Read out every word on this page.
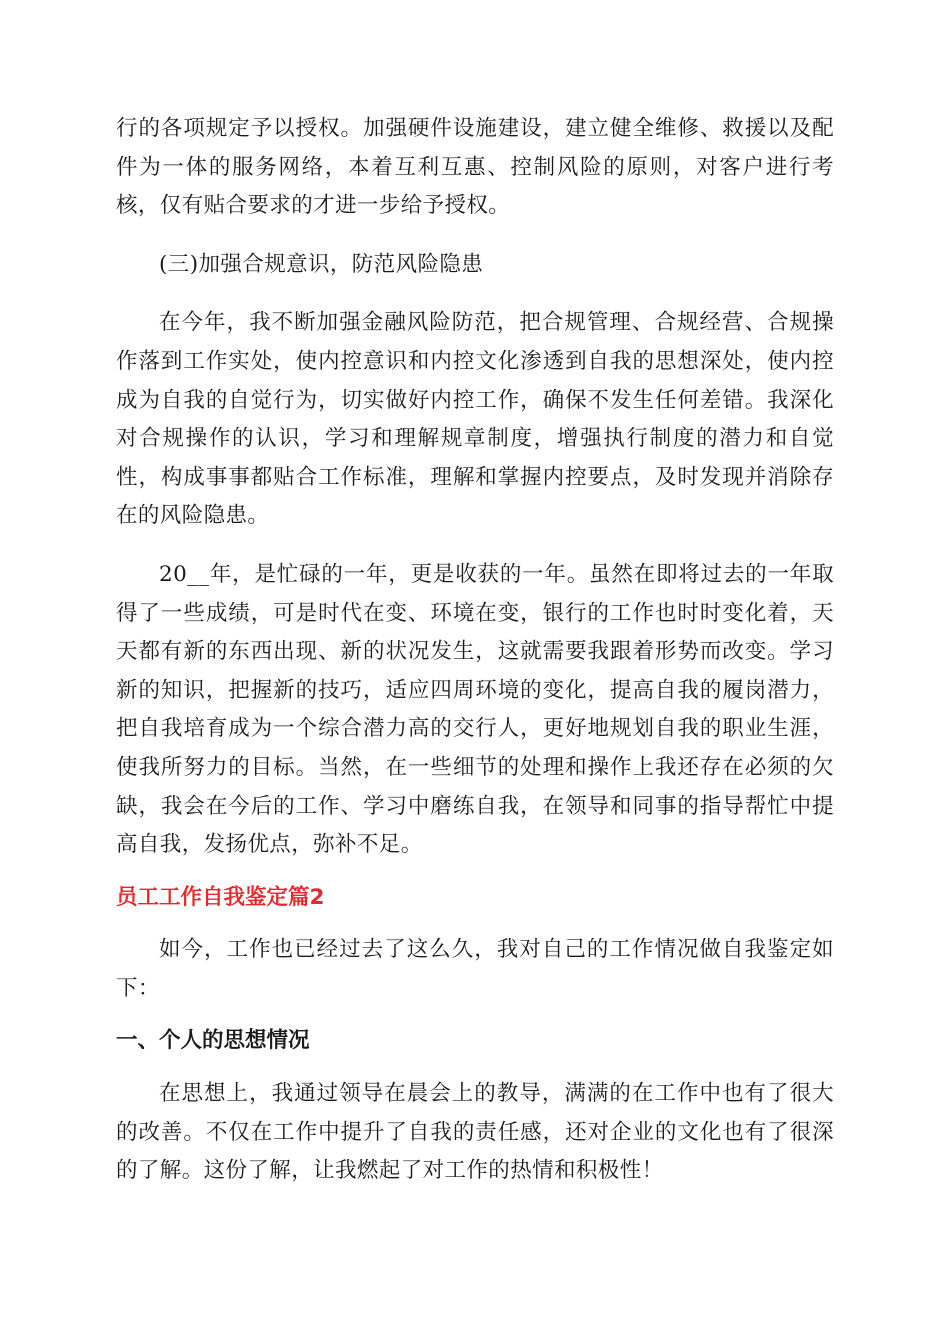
行的各项规定予以授权。加强硬件设施建设，建立健全维修、救援以及配件为一体的服务网络，本着互利互惠、控制风险的原则，对客户进行考核，仅有贴合要求的才进一步给予授权。

(三)加强合规意识，防范风险隐患

在今年，我不断加强金融风险防范，把合规管理、合规经营、合规操作落到工作实处，使内控意识和内控文化渗透到自我的思想深处，使内控成为自我的自觉行为，切实做好内控工作，确保不发生任何差错。我深化对合规操作的认识，学习和理解规章制度，增强执行制度的潜力和自觉性，构成事事都贴合工作标准，理解和掌握内控要点，及时发现并消除存在的风险隐患。

20__年，是忙碌的一年，更是收获的一年。虽然在即将过去的一年取得了一些成绩，可是时代在变、环境在变，银行的工作也时时变化着，天天都有新的东西出现、新的状况发生，这就需要我跟着形势而改变。学习新的知识，把握新的技巧，适应四周环境的变化，提高自我的履岗潜力，把自我培育成为一个综合潜力高的交行人，更好地规划自我的职业生涯，使我所努力的目标。当然，在一些细节的处理和操作上我还存在必须的欠缺，我会在今后的工作、学习中磨练自我，在领导和同事的指导帮忙中提高自我，发扬优点，弥补不足。

员工工作自我鉴定篇2

如今，工作也已经过去了这么久，我对自己的工作情况做自我鉴定如下：

一、个人的思想情况

在思想上，我通过领导在晨会上的教导，满满的在工作中也有了很大的改善。不仅在工作中提升了自我的责任感，还对企业的文化也有了很深的了解。这份了解，让我燃起了对工作的热情和积极性！
